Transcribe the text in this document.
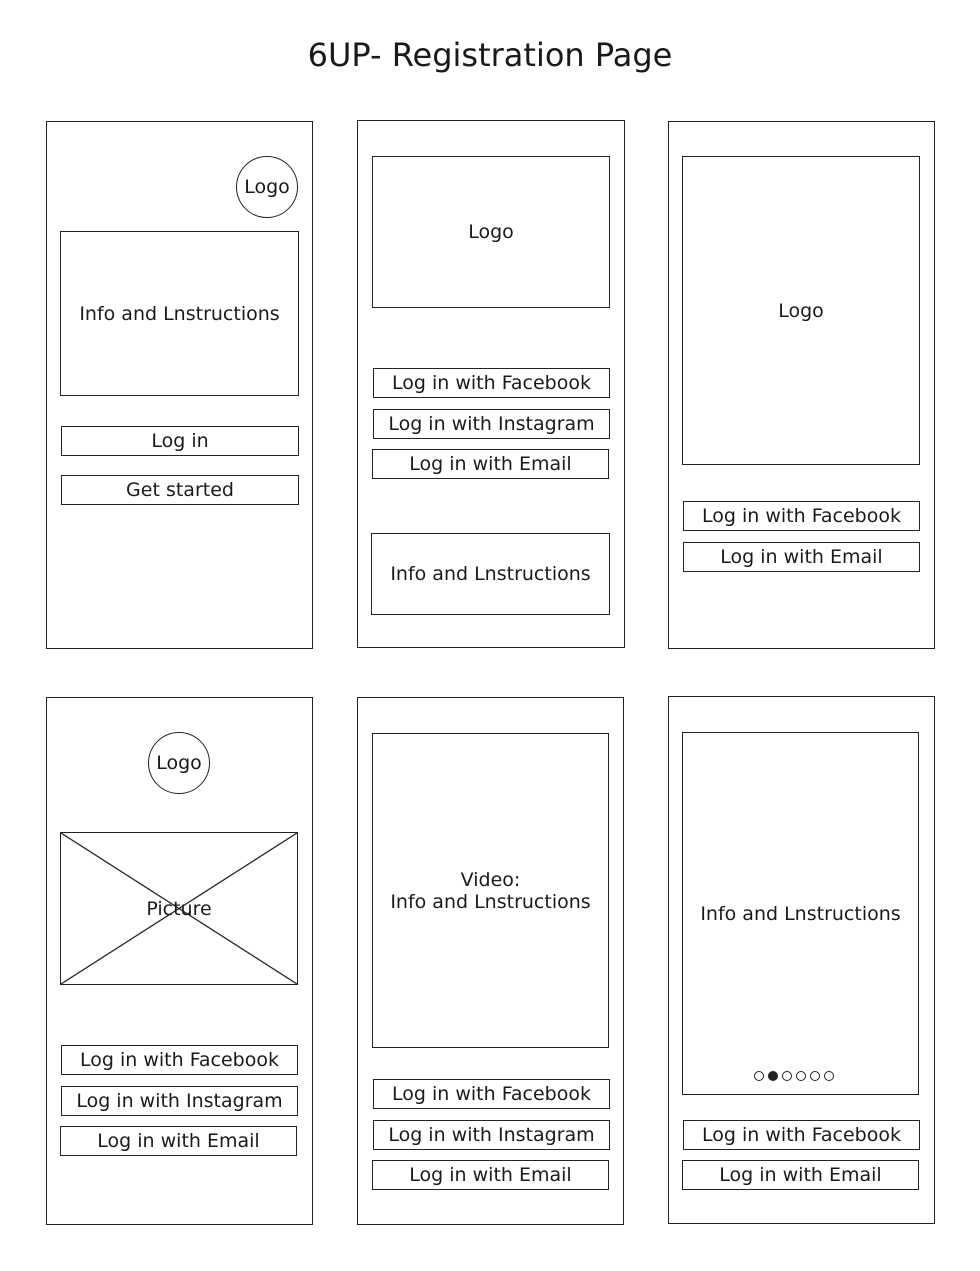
6UP- Registration Page
Logo
Info and Lnstructions
Log in
Get started
Logo
Log in with Facebook
Log in with Instagram
Log in with Email
Info and Lnstructions
Logo
Log in with Facebook
Log in with Email
Logo
Picture
Log in with Facebook
Log in with Instagram
Log in with Email
Video:
Info and Lnstructions
Log in with Facebook
Log in with Instagram
Log in with Email
Info and Lnstructions
Log in with Facebook
Log in with Email
